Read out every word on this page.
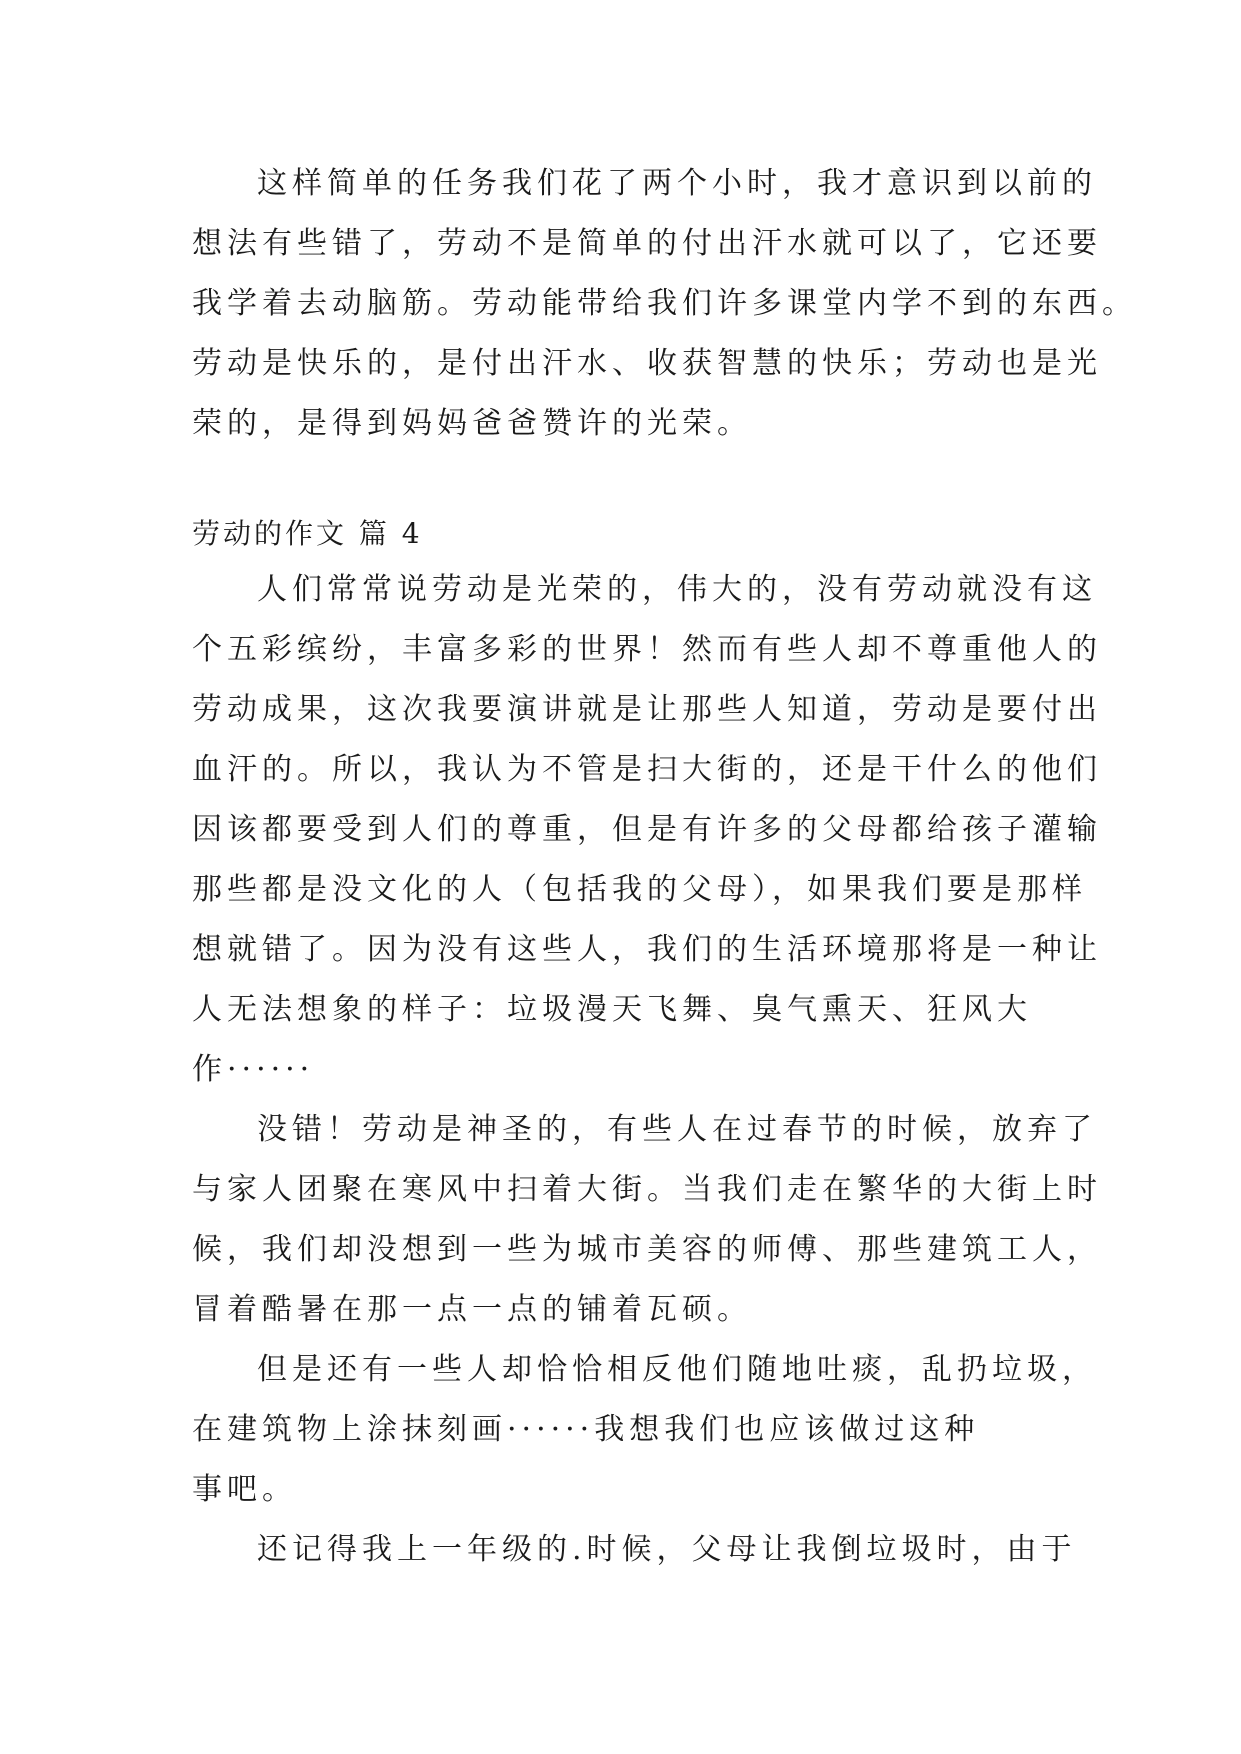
这样简单的任务我们花了两个小时，我才意识到以前的
想法有些错了，劳动不是简单的付出汗水就可以了，它还要
我学着去动脑筋。劳动能带给我们许多课堂内学不到的东西。
劳动是快乐的，是付出汗水、收获智慧的快乐；劳动也是光
荣的，是得到妈妈爸爸赞许的光荣。
劳动的作文 篇 4
人们常常说劳动是光荣的，伟大的，没有劳动就没有这
个五彩缤纷，丰富多彩的世界！然而有些人却不尊重他人的
劳动成果，这次我要演讲就是让那些人知道，劳动是要付出
血汗的。所以，我认为不管是扫大街的，还是干什么的他们
因该都要受到人们的尊重，但是有许多的父母都给孩子灌输
那些都是没文化的人（包括我的父母），如果我们要是那样
想就错了。因为没有这些人，我们的生活环境那将是一种让
人无法想象的样子：垃圾漫天飞舞、臭气熏天、狂风大
作······
没错！劳动是神圣的，有些人在过春节的时候，放弃了
与家人团聚在寒风中扫着大街。当我们走在繁华的大街上时
候，我们却没想到一些为城市美容的师傅、那些建筑工人，
冒着酷暑在那一点一点的铺着瓦硕。
但是还有一些人却恰恰相反他们随地吐痰，乱扔垃圾，
在建筑物上涂抹刻画······我想我们也应该做过这种
事吧。
还记得我上一年级的.时候，父母让我倒垃圾时，由于
